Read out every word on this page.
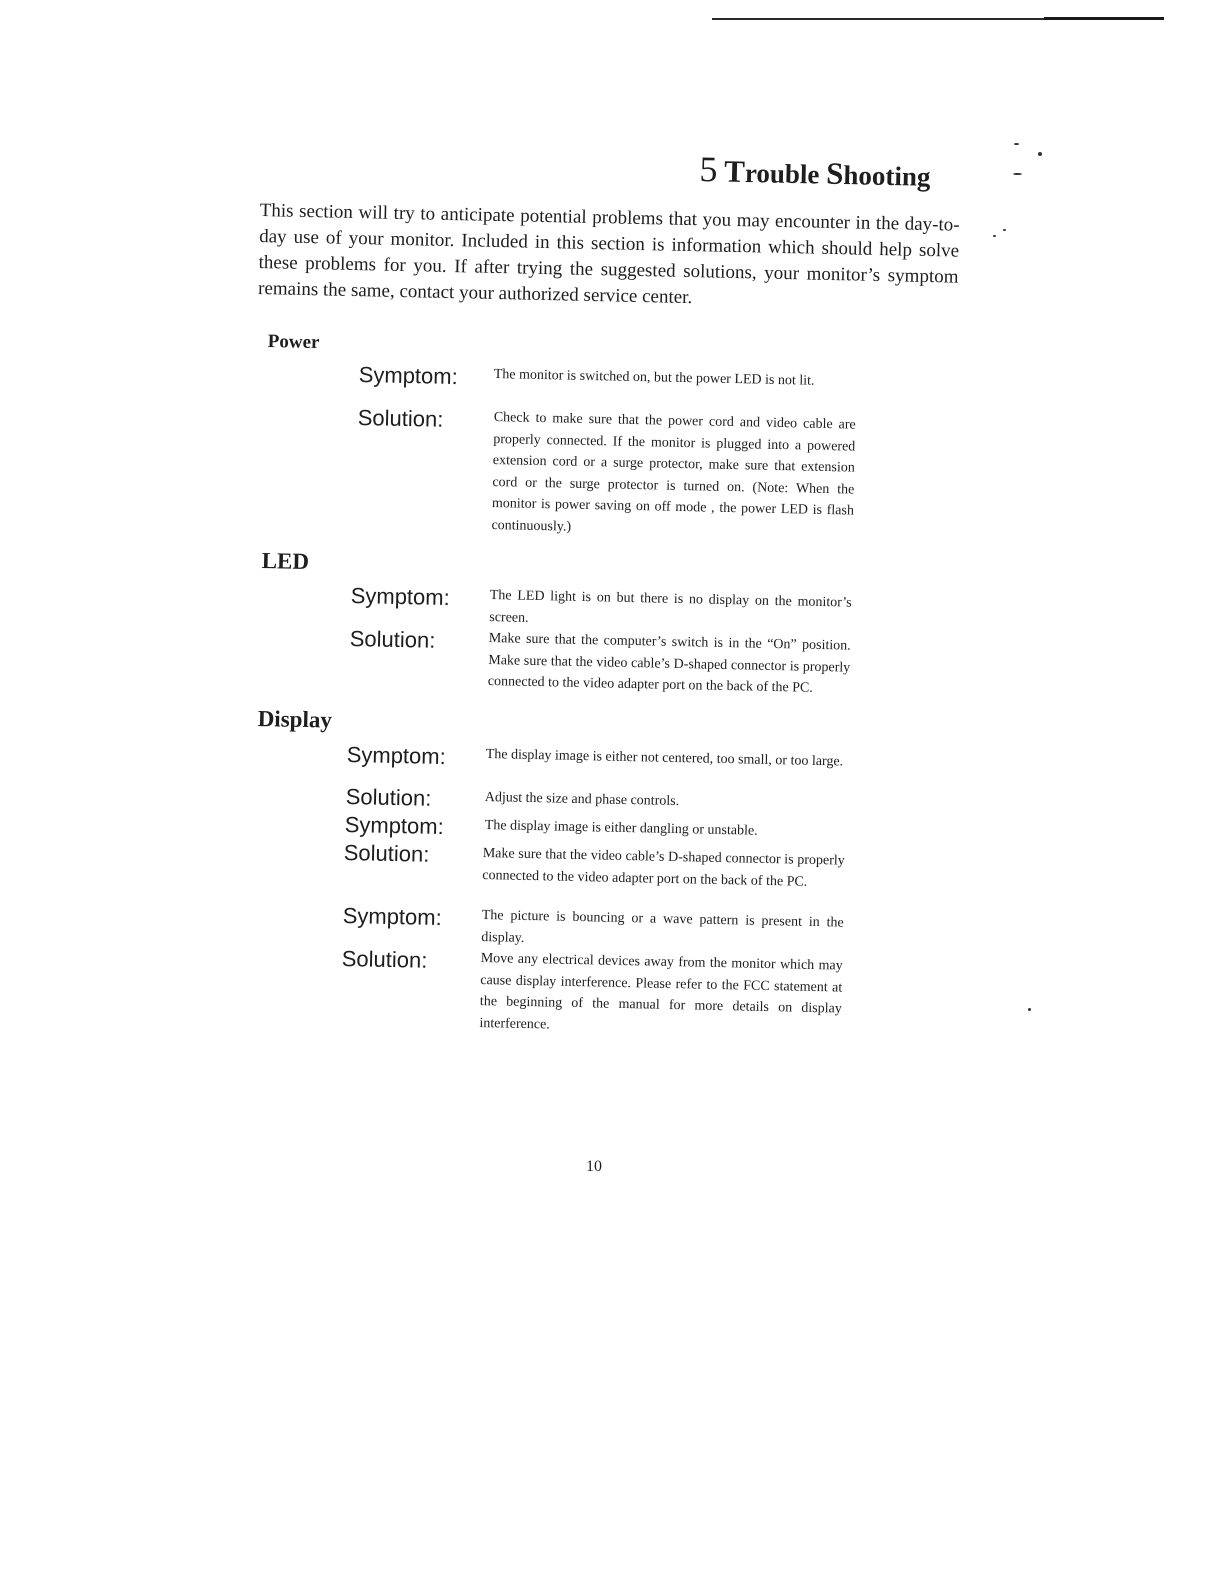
5 Trouble Shooting
This section will try to anticipate potential problems that you may encounter in the day-to-day use of your monitor. Included in this section is information which should help solve these problems for you. If after trying the suggested solutions, your monitor’s symptom remains the same, contact your authorized service center.
Power
Symptom:	The monitor is switched on, but the power LED is not lit.
Solution:	Check to make sure that the power cord and video cable are properly connected. If the monitor is plugged into a powered extension cord or a surge protector, make sure that extension cord or the surge protector is turned on. (Note: When the monitor is power saving on off mode , the power LED is flash continuously.)
LED
Symptom:	The LED light is on but there is no display on the monitor’s screen.
Solution:	Make sure that the computer’s switch is in the “On” position. Make sure that the video cable’s D-shaped connector is properly connected to the video adapter port on the back of the PC.
Display
Symptom:	The display image is either not centered, too small, or too large.
Solution:	Adjust the size and phase controls.
Symptom:	The display image is either dangling or unstable.
Solution:	Make sure that the video cable’s D-shaped connector is properly connected to the video adapter port on the back of the PC.
Symptom:	The picture is bouncing or a wave pattern is present in the display.
Solution:	Move any electrical devices away from the monitor which may cause display interference. Please refer to the FCC statement at the beginning of the manual for more details on display interference.
10
